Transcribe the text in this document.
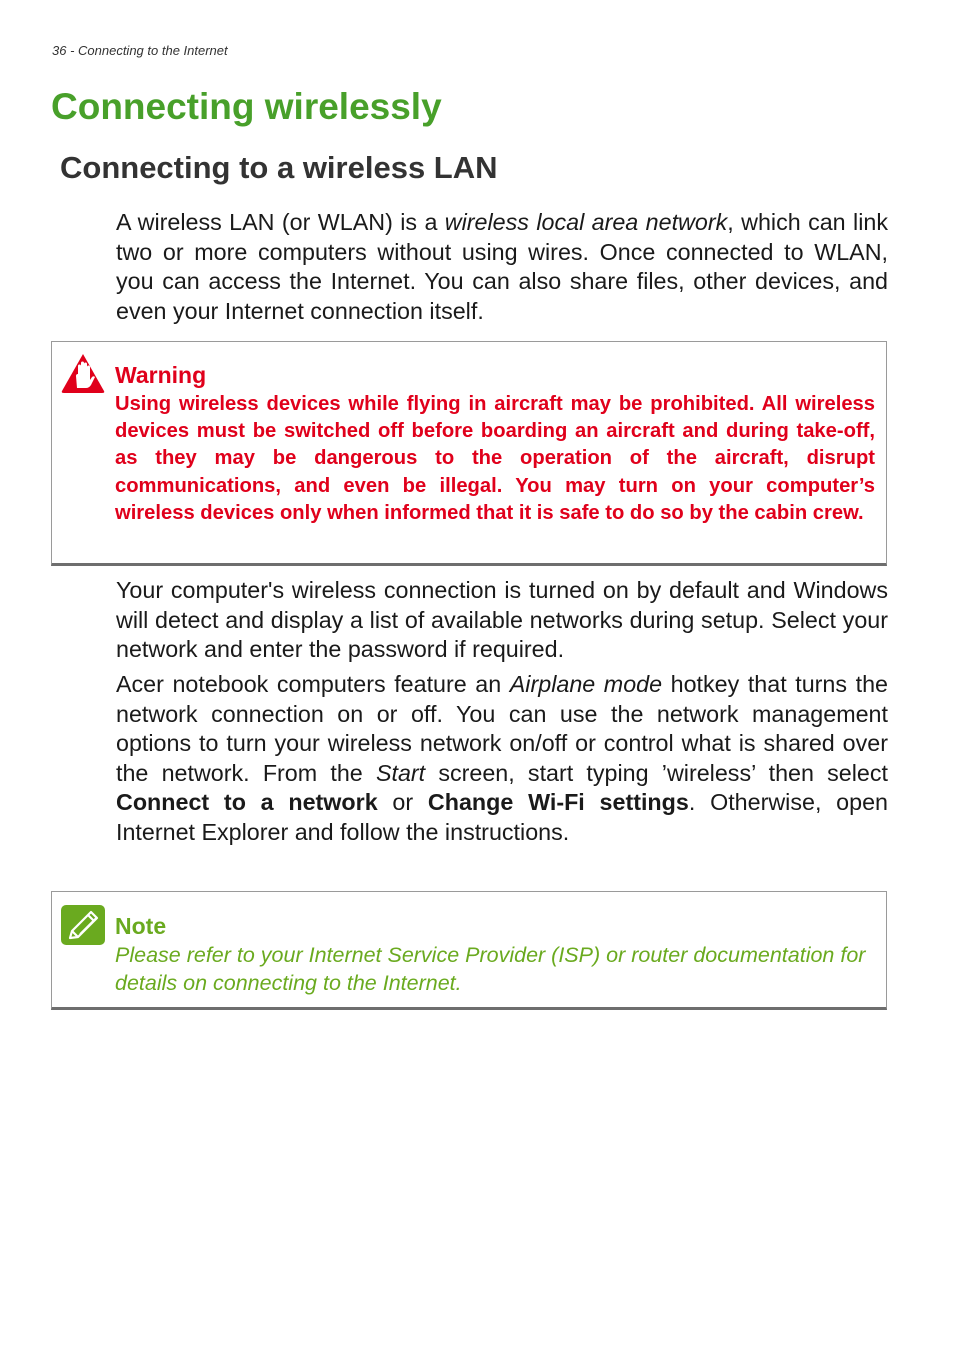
36 - Connecting to the Internet
Connecting wirelessly
Connecting to a wireless LAN

A wireless LAN (or WLAN) is a wireless local area network, which can link two or more computers without using wires. Once connected to WLAN, you can access the Internet. You can also share files, other devices, and even your Internet connection itself.

Warning
Using wireless devices while flying in aircraft may be prohibited. All wireless devices must be switched off before boarding an aircraft and during take-off, as they may be dangerous to the operation of the aircraft, disrupt communications, and even be illegal. You may turn on your computer’s wireless devices only when informed that it is safe to do so by the cabin crew.

Your computer's wireless connection is turned on by default and Windows will detect and display a list of available networks during setup. Select your network and enter the password if required.

Acer notebook computers feature an Airplane mode hotkey that turns the network connection on or off. You can use the network management options to turn your wireless network on/off or control what is shared over the network. From the Start screen, start typing ’wireless’ then select Connect to a network or Change Wi-Fi settings. Otherwise, open Internet Explorer and follow the instructions.

Note
Please refer to your Internet Service Provider (ISP) or router documentation for details on connecting to the Internet.
